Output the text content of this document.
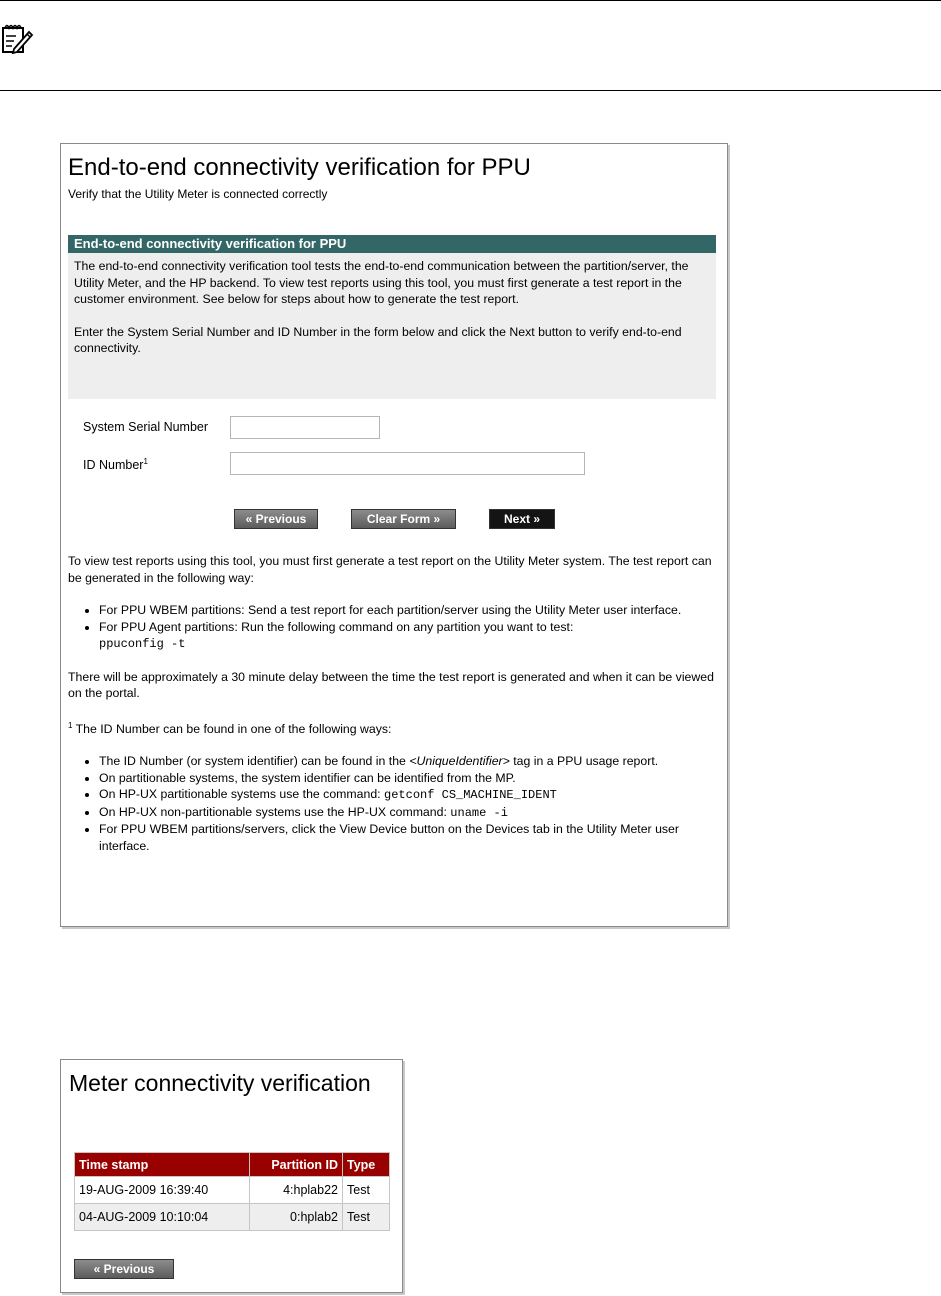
End-to-end connectivity verification for PPU
Verify that the Utility Meter is connected correctly
End-to-end connectivity verification for PPU

The end-to-end connectivity verification tool tests the end-to-end communication between the partition/server, the Utility Meter, and the HP backend. To view test reports using this tool, you must first generate a test report in the customer environment. See below for steps about how to generate the test report.

Enter the System Serial Number and ID Number in the form below and click the Next button to verify end-to-end connectivity.

System Serial Number
ID Number$^1$
« Previous	Clear Form »	Next »

To view test reports using this tool, you must first generate a test report on the Utility Meter system. The test report can be generated in the following way:

• For PPU WBEM partitions: Send a test report for each partition/server using the Utility Meter user interface.
• For PPU Agent partitions: Run the following command on any partition you want to test:
ppuconfig -t

There will be approximately a 30 minute delay between the time the test report is generated and when it can be viewed on the portal.

$^1$ The ID Number can be found in one of the following ways:

• The ID Number (or system identifier) can be found in the <UniqueIdentifier> tag in a PPU usage report.
• On partitionable systems, the system identifier can be identified from the MP.
• On HP-UX partitionable systems use the command: getconf CS_MACHINE_IDENT
• On HP-UX non-partitionable systems use the HP-UX command: uname -i
• For PPU WBEM partitions/servers, click the View Device button on the Devices tab in the Utility Meter user interface.
Meter connectivity verification
Time stamp	Partition ID	Type
19-AUG-2009 16:39:40	4:hplab22	Test
04-AUG-2009 10:10:04	0:hplab2	Test
« Previous
